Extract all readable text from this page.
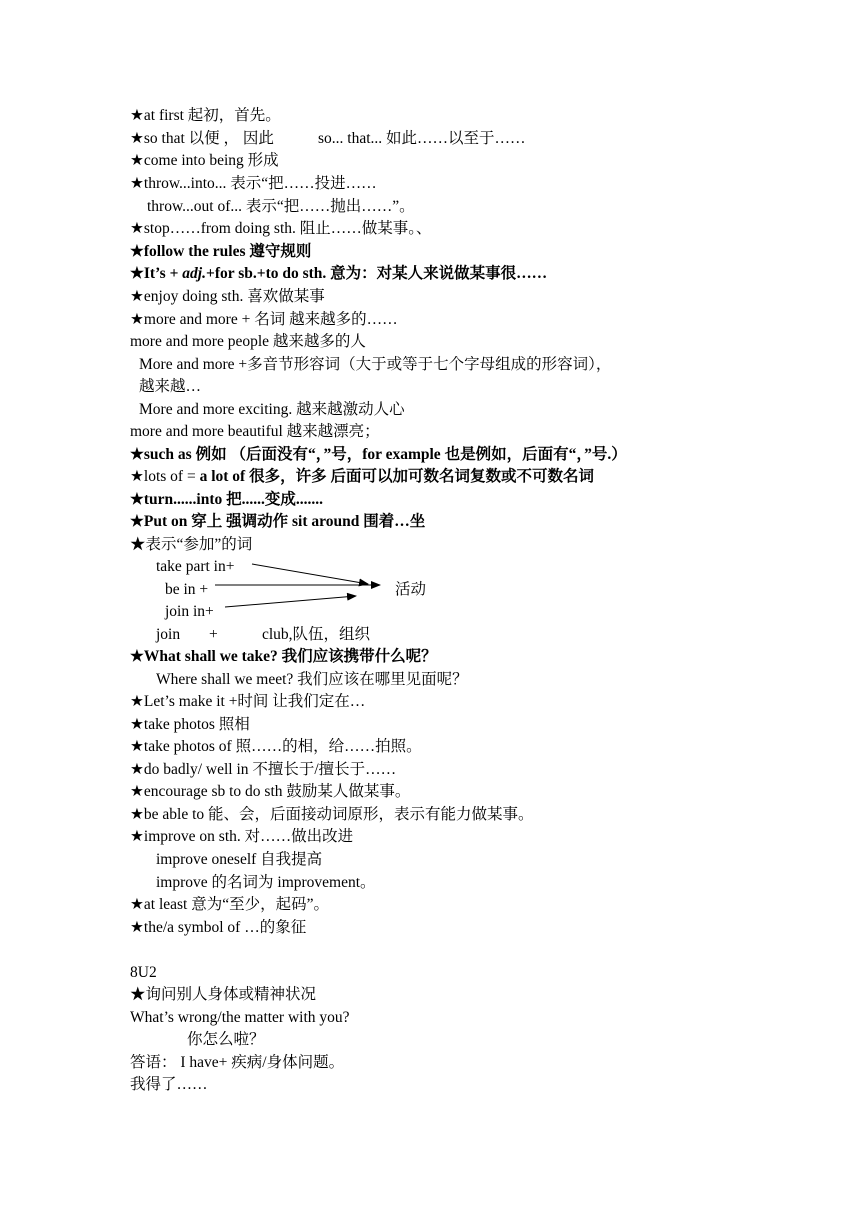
★at first 起初，首先。
★so that 以便 ， 因此	so... that... 如此……以至于……
★come into being 形成
★throw...into... 表示“把……投进……
throw...out of... 表示“把……抛出……”。
★stop……from doing sth. 阻止……做某事。、
★follow the rules 遵守规则
★It’s + adj.+for sb.+to do sth. 意为：对某人来说做某事很……
★enjoy doing sth. 喜欢做某事
★more and more + 名词 越来越多的……
more and more people 越来越多的人
More and more +多音节形容词（大于或等于七个字母组成的形容词），
越来越…
More and more exciting. 越来越激动人心
more and more beautiful 越来越漂亮；
★such as 例如 （后面没有“，”号，for example 也是例如，后面有“，”号.）
★lots of = a lot of 很多，许多 后面可以加可数名词复数或不可数名词
★turn......into 把......变成.......
★Put on 穿上 强调动作 sit around 围着…坐
★表示“参加”的词
take part in+
be in +	活动
join in+
join +	club,队伍，组织
★What shall we take? 我们应该携带什么呢？
Where shall we meet? 我们应该在哪里见面呢？
★Let’s make it +时间 让我们定在…
★take photos 照相
★take photos of 照……的相，给……拍照。
★do badly/ well in 不擅长于/擅长于……
★encourage sb to do sth 鼓励某人做某事。
★be able to 能、会，后面接动词原形，表示有能力做某事。
★improve on sth. 对……做出改进
improve oneself 自我提高
improve 的名词为 improvement。
★at least 意为“至少，起码”。
★the/a symbol of …的象征
8U2
★询问别人身体或精神状况
What’s wrong/the matter with you?
你怎么啦？
答语： I have+ 疾病/身体问题。
我得了……
